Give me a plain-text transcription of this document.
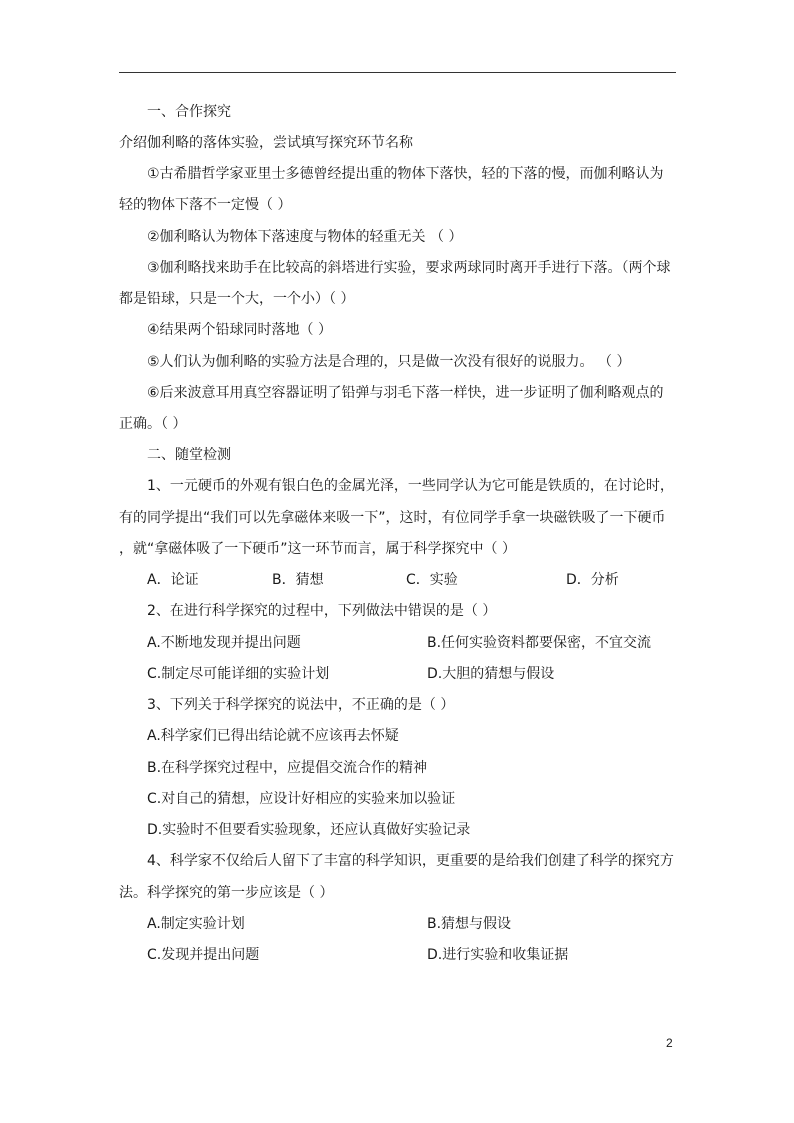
一、合作探究
介绍伽利略的落体实验，尝试填写探究环节名称
①古希腊哲学家亚里士多德曾经提出重的物体下落快，轻的下落的慢，而伽利略认为
轻的物体下落不一定慢（ ）
②伽利略认为物体下落速度与物体的轻重无关 （ ）
③伽利略找来助手在比较高的斜塔进行实验，要求两球同时离开手进行下落。（两个球
都是铅球，只是一个大，一个小）（ ）
④结果两个铅球同时落地（ ）
⑤人们认为伽利略的实验方法是合理的，只是做一次没有很好的说服力。 （ ）
⑥后来波意耳用真空容器证明了铅弹与羽毛下落一样快，进一步证明了伽利略观点的
正确。（ ）
二、随堂检测
1、一元硬币的外观有银白色的金属光泽，一些同学认为它可能是铁质的，在讨论时，
有的同学提出“我们可以先拿磁体来吸一下”，这时，有位同学手拿一块磁铁吸了一下硬币
，就“拿磁体吸了一下硬币”这一环节而言，属于科学探究中（ ）
A．论证	B．猜想	C．实验	D．分析
2、在进行科学探究的过程中，下列做法中错误的是（ ）
A.不断地发现并提出问题	B.任何实验资料都要保密，不宜交流
C.制定尽可能详细的实验计划	D.大胆的猜想与假设
3、下列关于科学探究的说法中，不正确的是（ ）
A.科学家们已得出结论就不应该再去怀疑
B.在科学探究过程中，应提倡交流合作的精神
C.对自己的猜想，应设计好相应的实验来加以验证
D.实验时不但要看实验现象，还应认真做好实验记录
4、科学家不仅给后人留下了丰富的科学知识，更重要的是给我们创建了科学的探究方
法。科学探究的第一步应该是（ ）
A.制定实验计划	B.猜想与假设
C.发现并提出问题	D.进行实验和收集证据
2
